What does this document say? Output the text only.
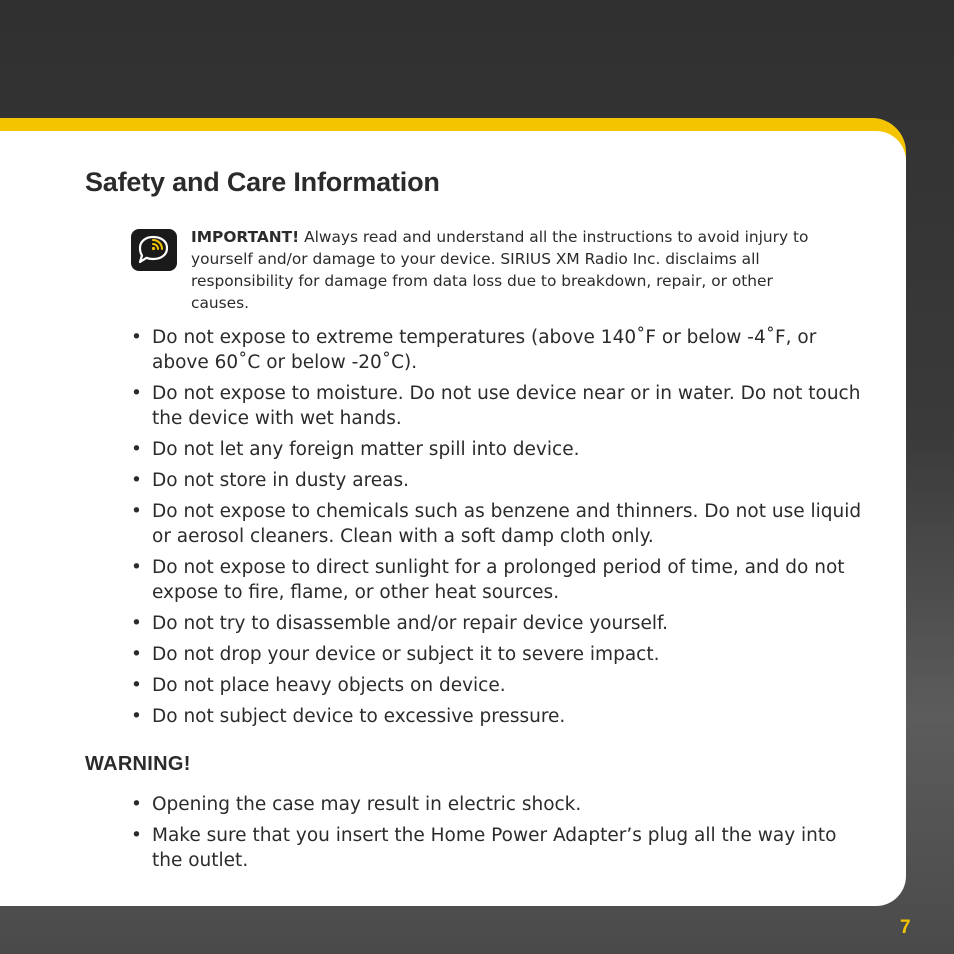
Safety and Care Information

IMPORTANT! Always read and understand all the instructions to avoid injury to yourself and/or damage to your device. SIRIUS XM Radio Inc. disclaims all responsibility for damage from data loss due to breakdown, repair, or other causes.

• Do not expose to extreme temperatures (above 140˚F or below -4˚F, or above 60˚C or below -20˚C).
• Do not expose to moisture. Do not use device near or in water. Do not touch the device with wet hands.
• Do not let any foreign matter spill into device.
• Do not store in dusty areas.
• Do not expose to chemicals such as benzene and thinners. Do not use liquid or aerosol cleaners. Clean with a soft damp cloth only.
• Do not expose to direct sunlight for a prolonged period of time, and do not expose to fire, flame, or other heat sources.
• Do not try to disassemble and/or repair device yourself.
• Do not drop your device or subject it to severe impact.
• Do not place heavy objects on device.
• Do not subject device to excessive pressure.
WARNING!
• Opening the case may result in electric shock.
• Make sure that you insert the Home Power Adapter’s plug all the way into the outlet.

7
